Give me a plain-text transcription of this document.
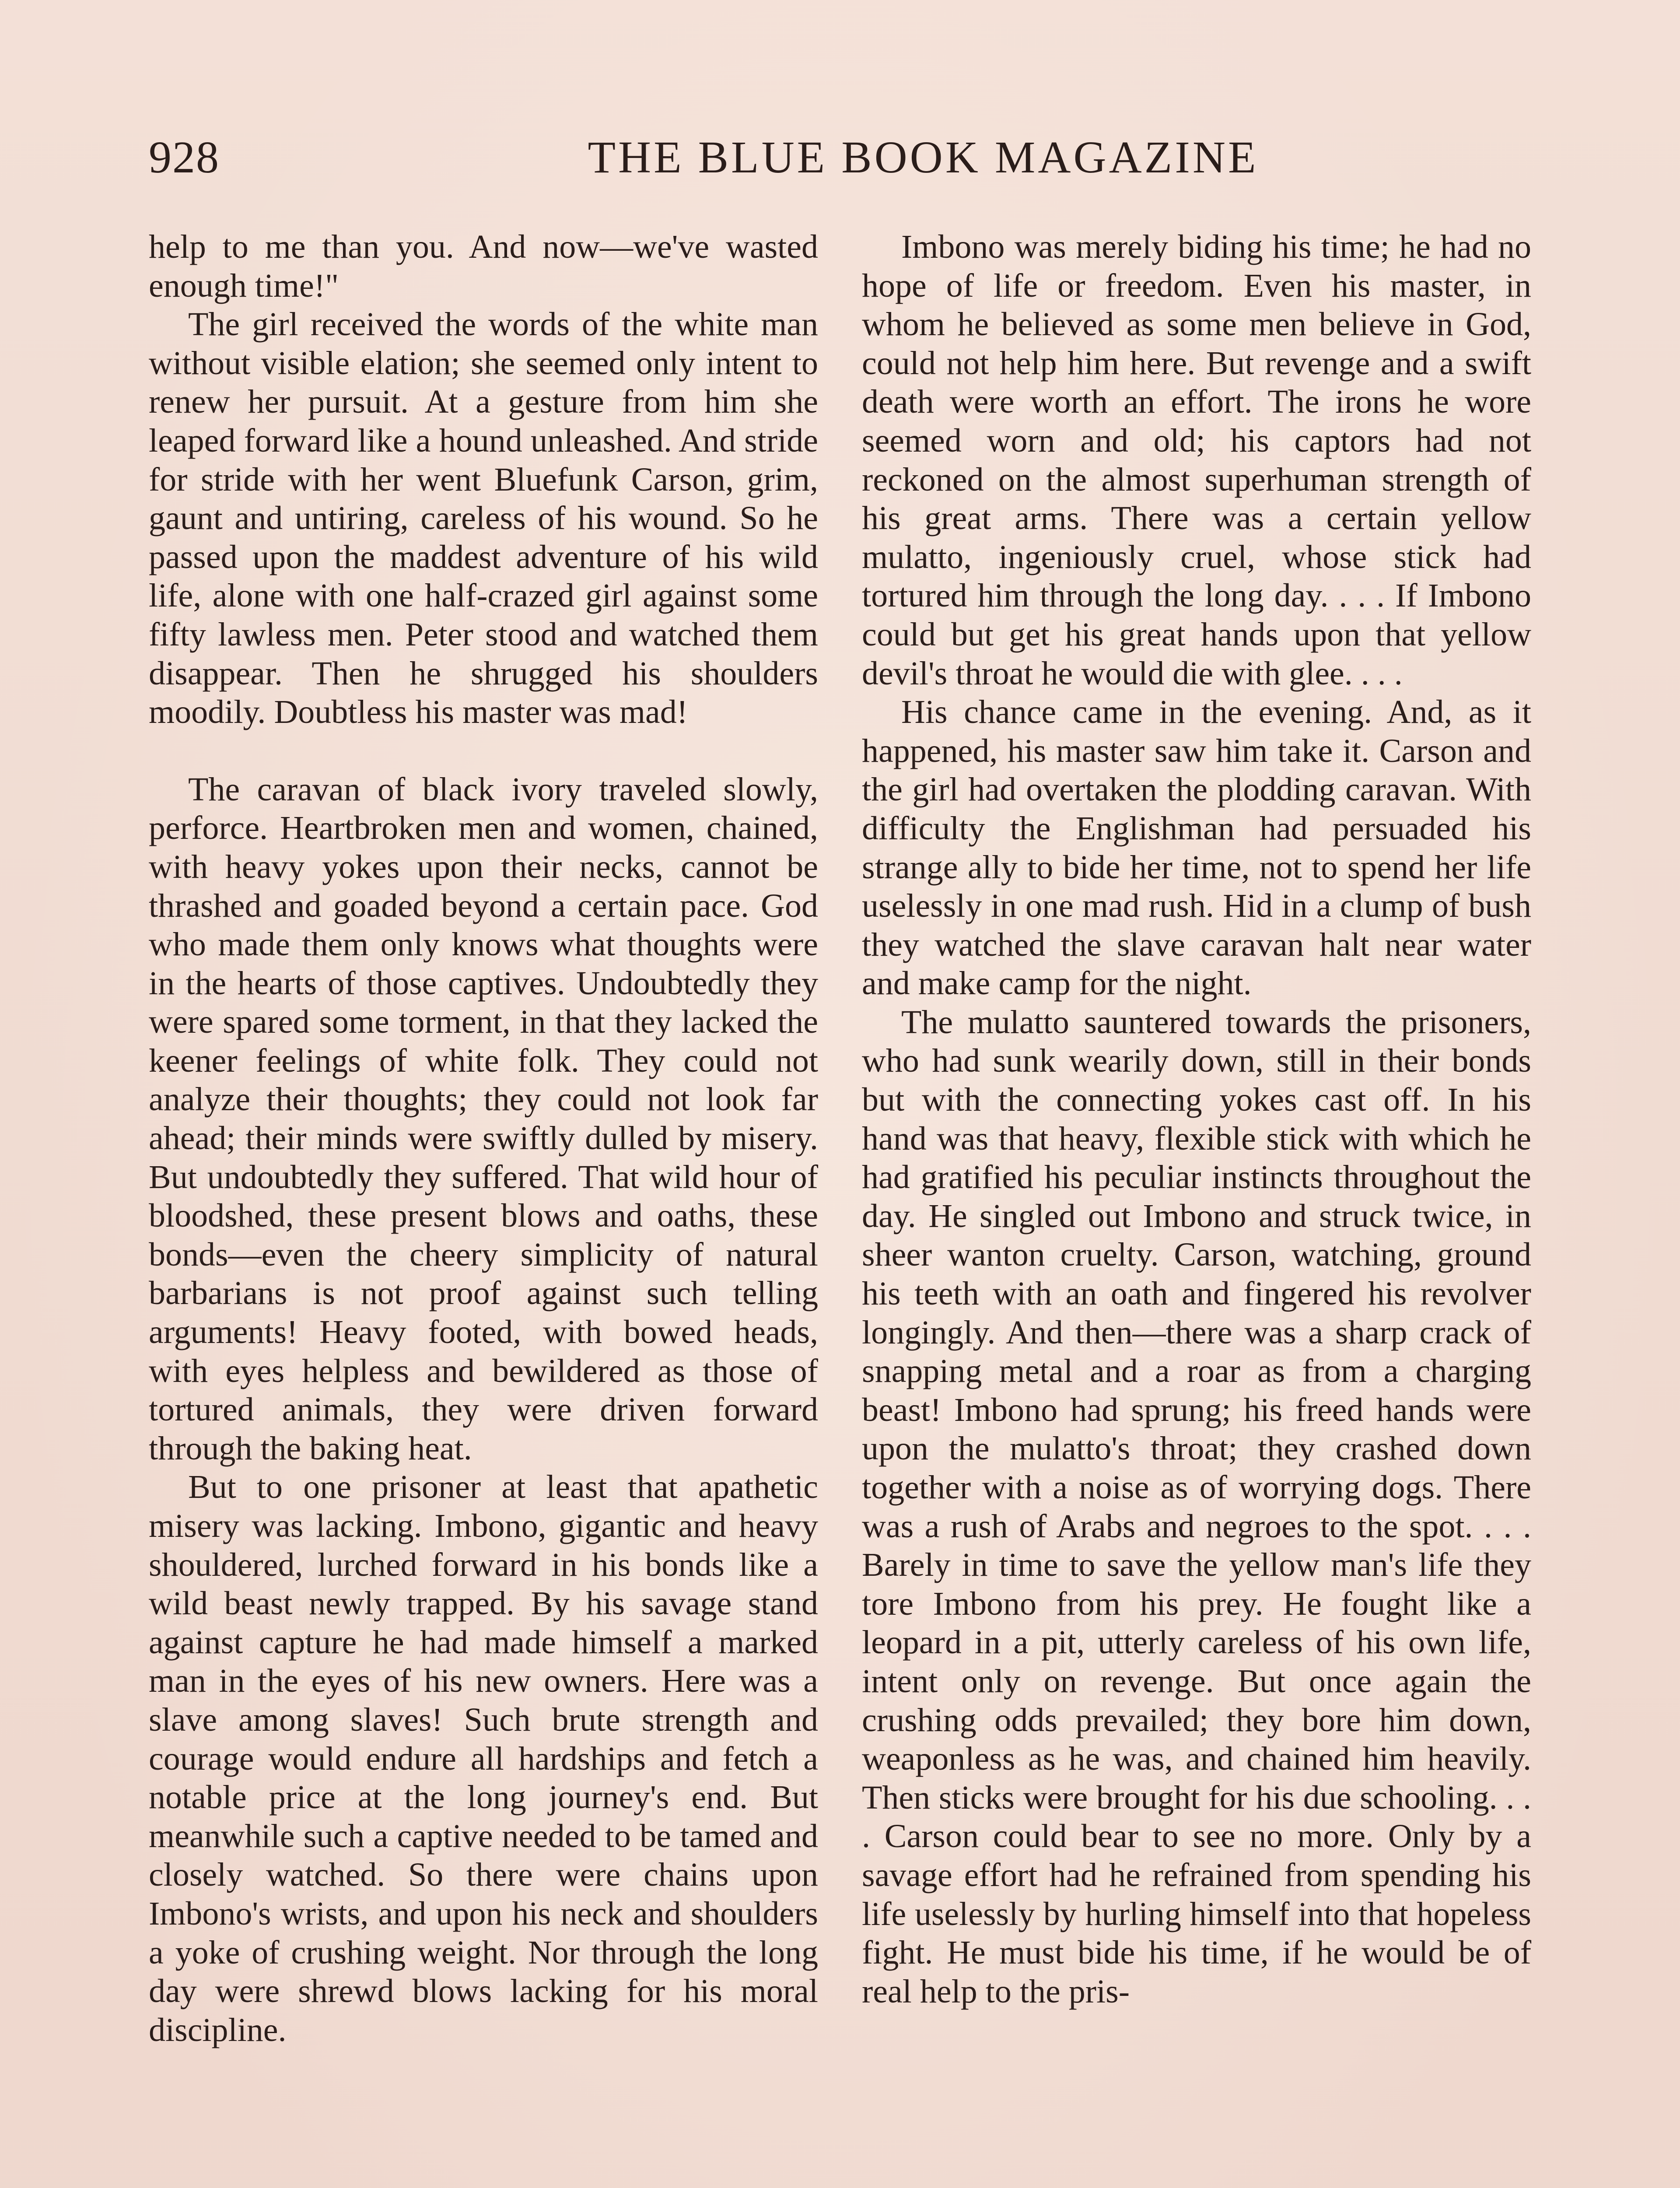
928	THE BLUE BOOK MAGAZINE

help to me than you. And now—we've wasted enough time!"

The girl received the words of the white man without visible elation; she seemed only intent to renew her pursuit. At a gesture from him she leaped forward like a hound unleashed. And stride for stride with her went Bluefunk Carson, grim, gaunt and untiring, careless of his wound. So he passed upon the maddest adventure of his wild life, alone with one half-crazed girl against some fifty lawless men. Peter stood and watched them disappear. Then he shrugged his shoulders moodily. Doubtless his master was mad!

The caravan of black ivory traveled slowly, perforce. Heartbroken men and women, chained, with heavy yokes upon their necks, cannot be thrashed and goaded beyond a certain pace. God who made them only knows what thoughts were in the hearts of those captives. Undoubtedly they were spared some torment, in that they lacked the keener feelings of white folk. They could not analyze their thoughts; they could not look far ahead; their minds were swiftly dulled by misery. But undoubtedly they suffered. That wild hour of bloodshed, these present blows and oaths, these bonds—even the cheery simplicity of natural barbarians is not proof against such telling arguments! Heavy footed, with bowed heads, with eyes helpless and bewildered as those of tortured animals, they were driven forward through the baking heat.

But to one prisoner at least that apathetic misery was lacking. Imbono, gigantic and heavy shouldered, lurched forward in his bonds like a wild beast newly trapped. By his savage stand against capture he had made himself a marked man in the eyes of his new owners. Here was a slave among slaves! Such brute strength and courage would endure all hardships and fetch a notable price at the long journey's end. But meanwhile such a captive needed to be tamed and closely watched. So there were chains upon Imbono's wrists, and upon his neck and shoulders a yoke of crushing weight. Nor through the long day were shrewd blows lacking for his moral discipline.

Imbono was merely biding his time; he had no hope of life or freedom. Even his master, in whom he believed as some men believe in God, could not help him here. But revenge and a swift death were worth an effort. The irons he wore seemed worn and old; his captors had not reckoned on the almost superhuman strength of his great arms. There was a certain yellow mulatto, ingeniously cruel, whose stick had tortured him through the long day. . . . If Imbono could but get his great hands upon that yellow devil's throat he would die with glee. . . .

His chance came in the evening. And, as it happened, his master saw him take it. Carson and the girl had overtaken the plodding caravan. With difficulty the Englishman had persuaded his strange ally to bide her time, not to spend her life uselessly in one mad rush. Hid in a clump of bush they watched the slave caravan halt near water and make camp for the night.

The mulatto sauntered towards the prisoners, who had sunk wearily down, still in their bonds but with the connecting yokes cast off. In his hand was that heavy, flexible stick with which he had gratified his peculiar instincts throughout the day. He singled out Imbono and struck twice, in sheer wanton cruelty. Carson, watching, ground his teeth with an oath and fingered his revolver longingly. And then—there was a sharp crack of snapping metal and a roar as from a charging beast! Imbono had sprung; his freed hands were upon the mulatto's throat; they crashed down together with a noise as of worrying dogs. There was a rush of Arabs and negroes to the spot. . . . Barely in time to save the yellow man's life they tore Imbono from his prey. He fought like a leopard in a pit, utterly careless of his own life, intent only on revenge. But once again the crushing odds prevailed; they bore him down, weaponless as he was, and chained him heavily. Then sticks were brought for his due schooling. . . . Carson could bear to see no more. Only by a savage effort had he refrained from spending his life uselessly by hurling himself into that hopeless fight. He must bide his time, if he would be of real help to the pris-
